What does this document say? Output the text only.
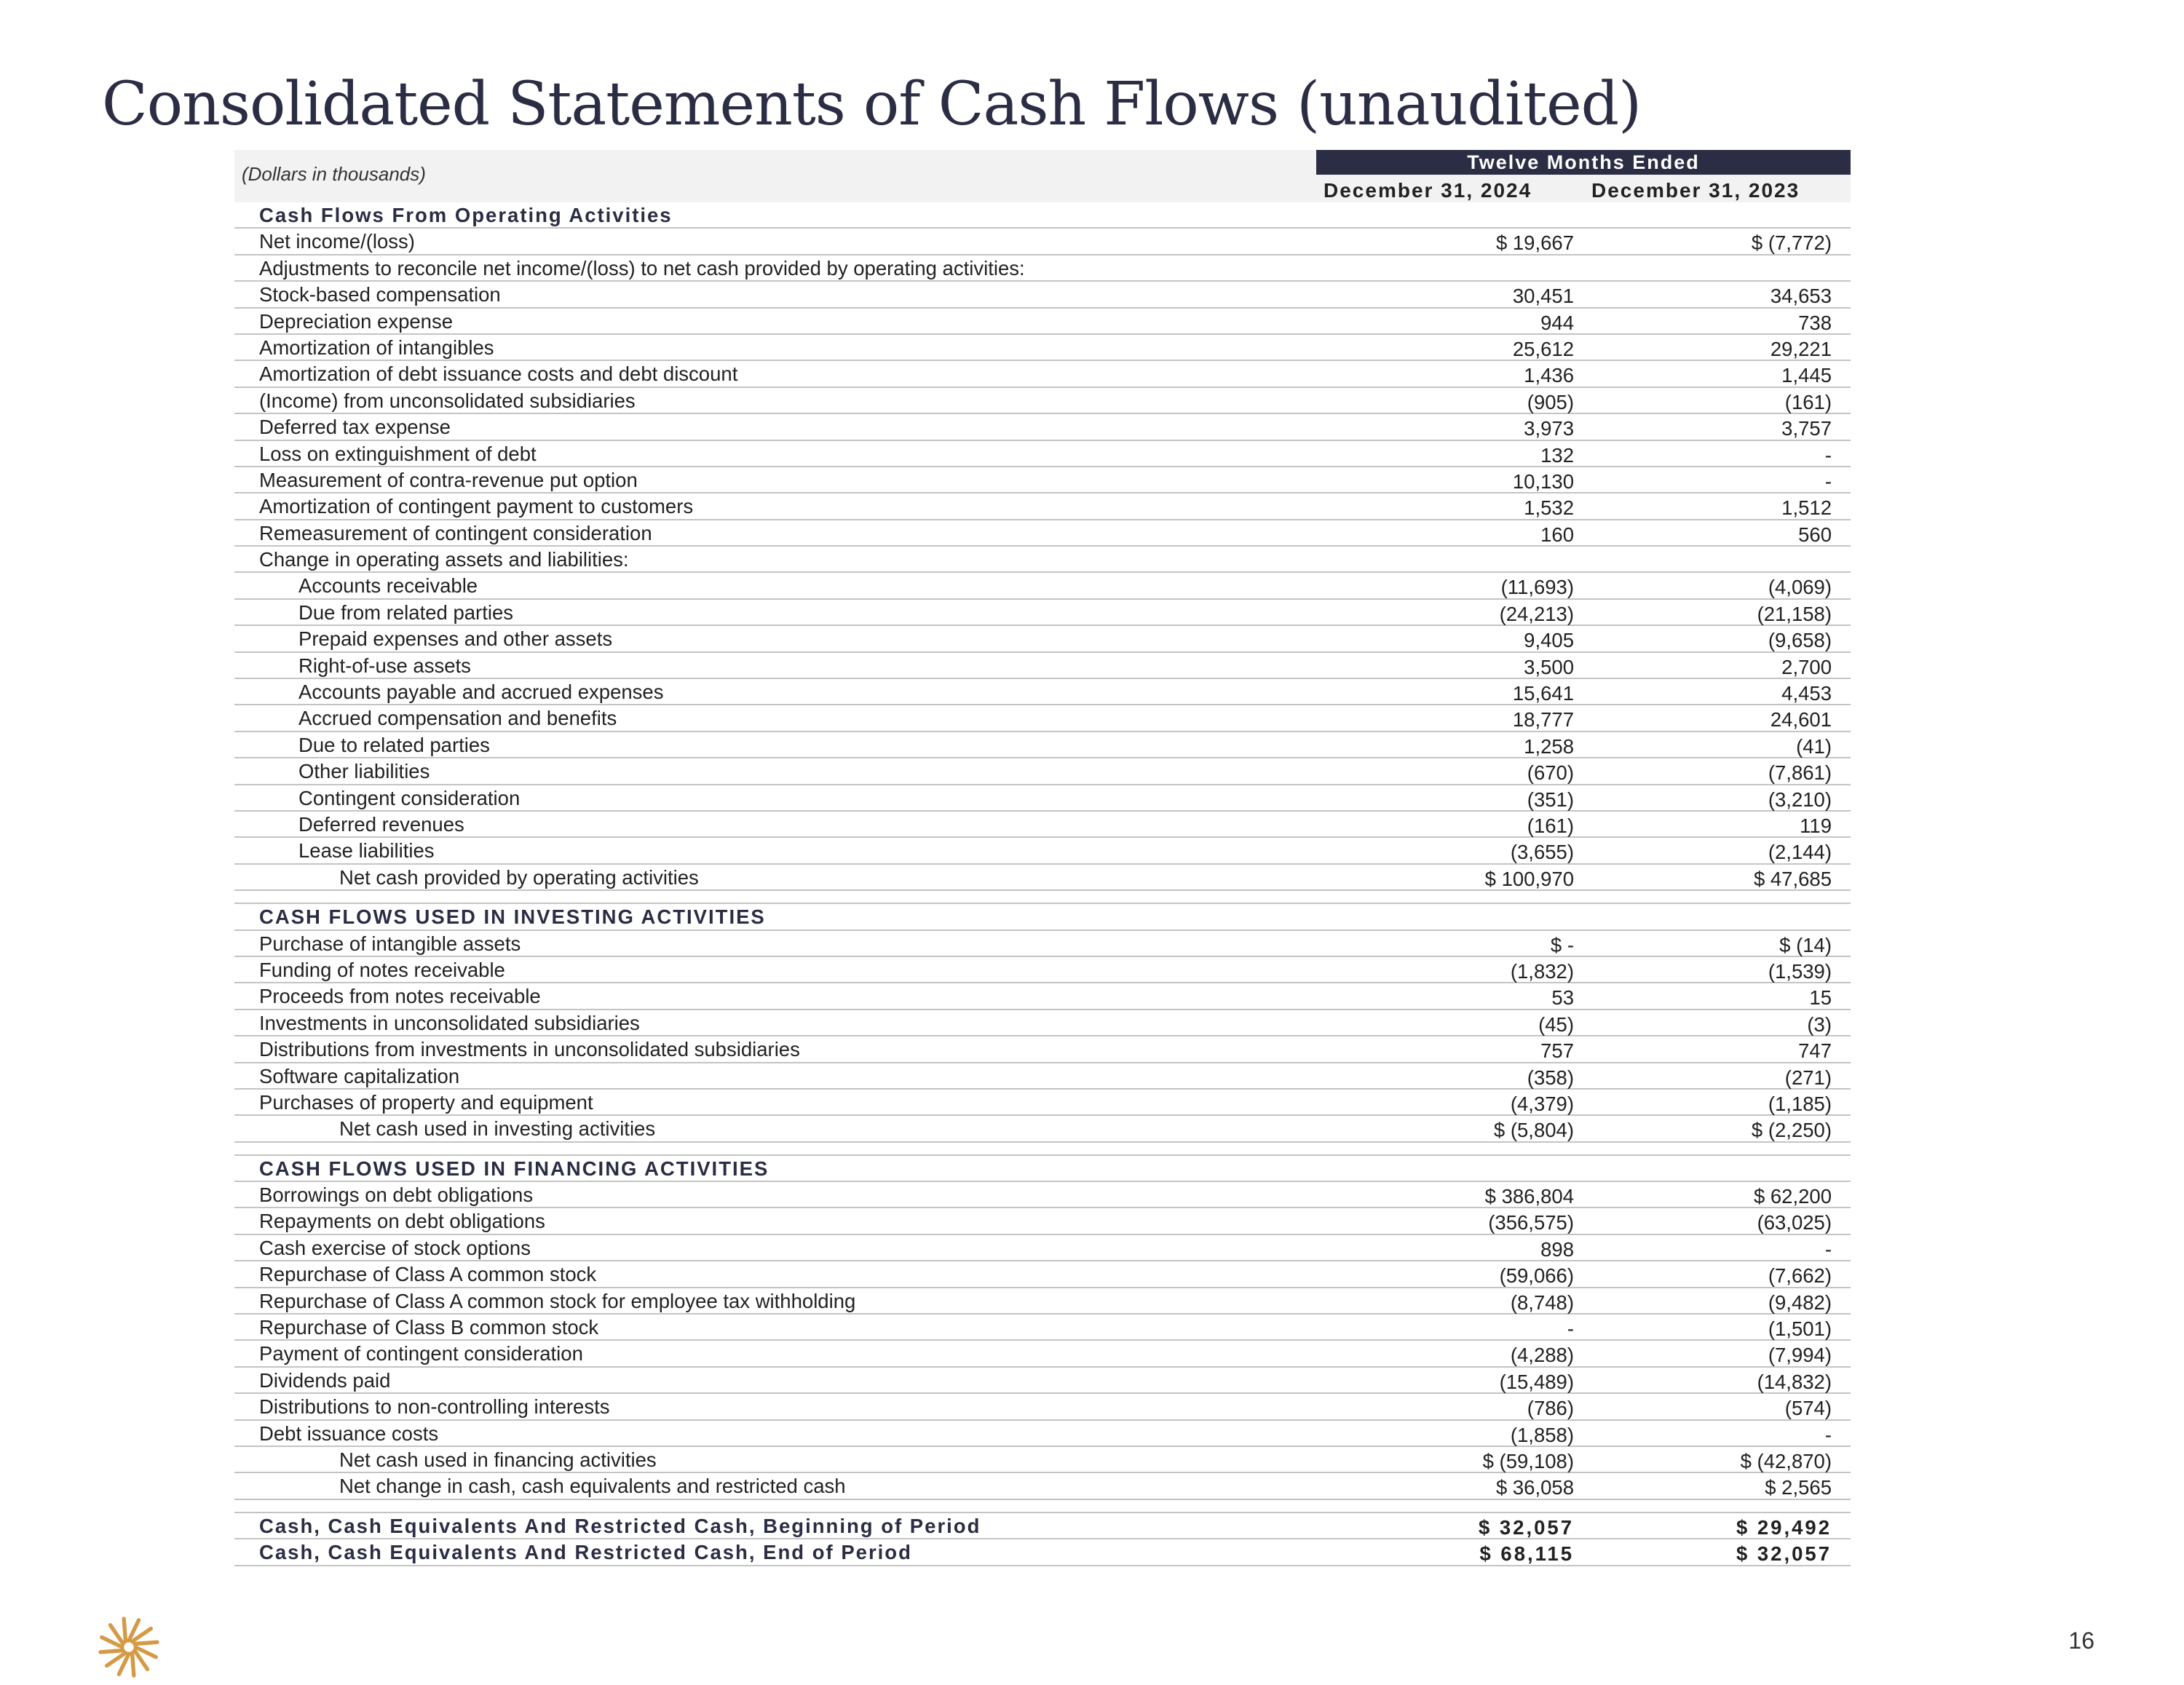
Consolidated Statements of Cash Flows (unaudited)
(Dollars in thousands)
Twelve Months Ended
December 31, 2024	December 31, 2023
Cash Flows From Operating Activities
Net income/(loss)	$ 19,667	$ (7,772)
Adjustments to reconcile net income/(loss) to net cash provided by operating activities:
Stock-based compensation	30,451	34,653
Depreciation expense	944	738
Amortization of intangibles	25,612	29,221
Amortization of debt issuance costs and debt discount	1,436	1,445
(Income) from unconsolidated subsidiaries	(905)	(161)
Deferred tax expense	3,973	3,757
Loss on extinguishment of debt	132	-
Measurement of contra-revenue put option	10,130	-
Amortization of contingent payment to customers	1,532	1,512
Remeasurement of contingent consideration	160	560
Change in operating assets and liabilities:
Accounts receivable	(11,693)	(4,069)
Due from related parties	(24,213)	(21,158)
Prepaid expenses and other assets	9,405	(9,658)
Right-of-use assets	3,500	2,700
Accounts payable and accrued expenses	15,641	4,453
Accrued compensation and benefits	18,777	24,601
Due to related parties	1,258	(41)
Other liabilities	(670)	(7,861)
Contingent consideration	(351)	(3,210)
Deferred revenues	(161)	119
Lease liabilities	(3,655)	(2,144)
Net cash provided by operating activities	$ 100,970	$ 47,685
CASH FLOWS USED IN INVESTING ACTIVITIES
Purchase of intangible assets	$ -	$ (14)
Funding of notes receivable	(1,832)	(1,539)
Proceeds from notes receivable	53	15
Investments in unconsolidated subsidiaries	(45)	(3)
Distributions from investments in unconsolidated subsidiaries	757	747
Software capitalization	(358)	(271)
Purchases of property and equipment	(4,379)	(1,185)
Net cash used in investing activities	$ (5,804)	$ (2,250)
CASH FLOWS USED IN FINANCING ACTIVITIES
Borrowings on debt obligations	$ 386,804	$ 62,200
Repayments on debt obligations	(356,575)	(63,025)
Cash exercise of stock options	898	-
Repurchase of Class A common stock	(59,066)	(7,662)
Repurchase of Class A common stock for employee tax withholding	(8,748)	(9,482)
Repurchase of Class B common stock	-	(1,501)
Payment of contingent consideration	(4,288)	(7,994)
Dividends paid	(15,489)	(14,832)
Distributions to non-controlling interests	(786)	(574)
Debt issuance costs	(1,858)	-
Net cash used in financing activities	$ (59,108)	$ (42,870)
Net change in cash, cash equivalents and restricted cash	$ 36,058	$ 2,565
Cash, Cash Equivalents And Restricted Cash, Beginning of Period	$ 32,057	$ 29,492
Cash, Cash Equivalents And Restricted Cash, End of Period	$ 68,115	$ 32,057
16
